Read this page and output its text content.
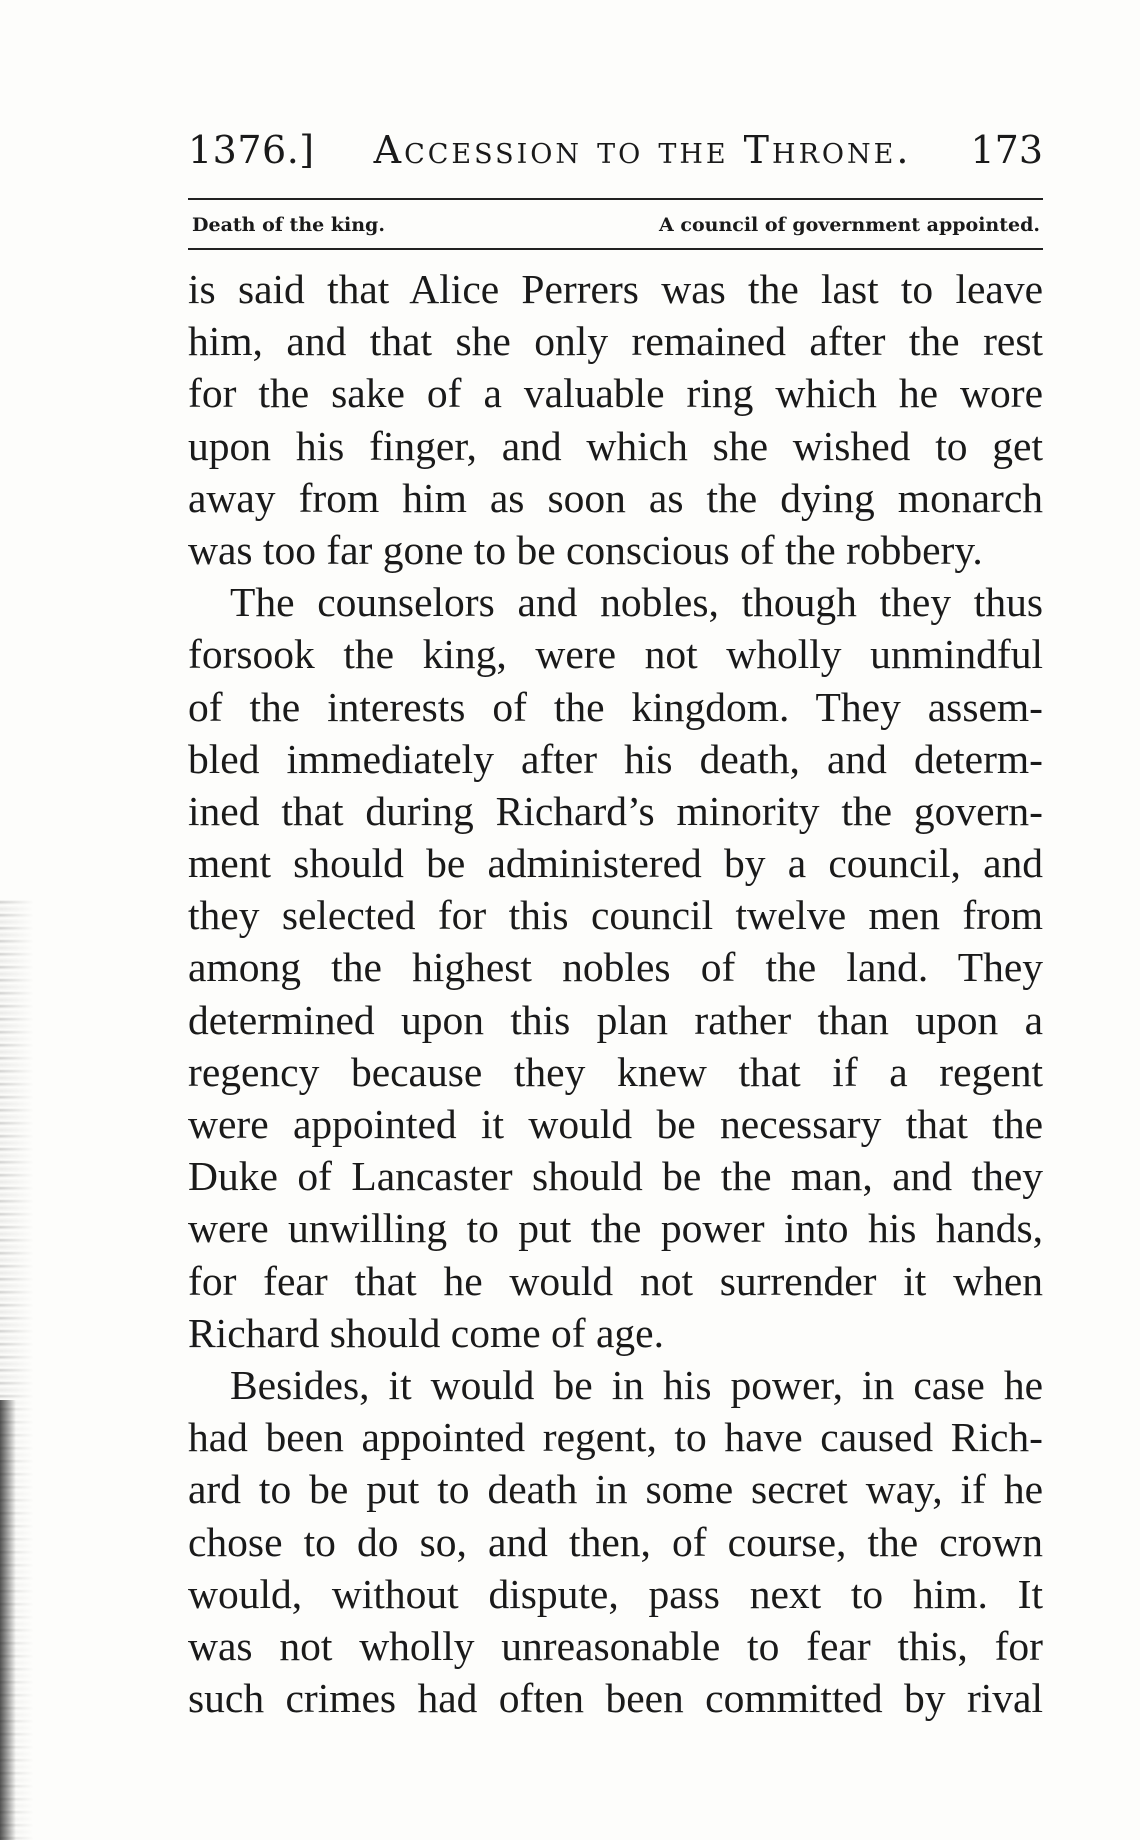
1376.] Accession to the Throne. 173
Death of the king.	A council of government appointed.
is said that Alice Perrers was the last to leave
him, and that she only remained after the rest
for the sake of a valuable ring which he wore
upon his finger, and which she wished to get
away from him as soon as the dying monarch
was too far gone to be conscious of the robbery.
The counselors and nobles, though they thus
forsook the king, were not wholly unmindful
of the interests of the kingdom. They assem-
bled immediately after his death, and determ-
ined that during Richard’s minority the govern-
ment should be administered by a council, and
they selected for this council twelve men from
among the highest nobles of the land. They
determined upon this plan rather than upon a
regency because they knew that if a regent
were appointed it would be necessary that the
Duke of Lancaster should be the man, and they
were unwilling to put the power into his hands,
for fear that he would not surrender it when
Richard should come of age.
Besides, it would be in his power, in case he
had been appointed regent, to have caused Rich-
ard to be put to death in some secret way, if he
chose to do so, and then, of course, the crown
would, without dispute, pass next to him. It
was not wholly unreasonable to fear this, for
such crimes had often been committed by rival
